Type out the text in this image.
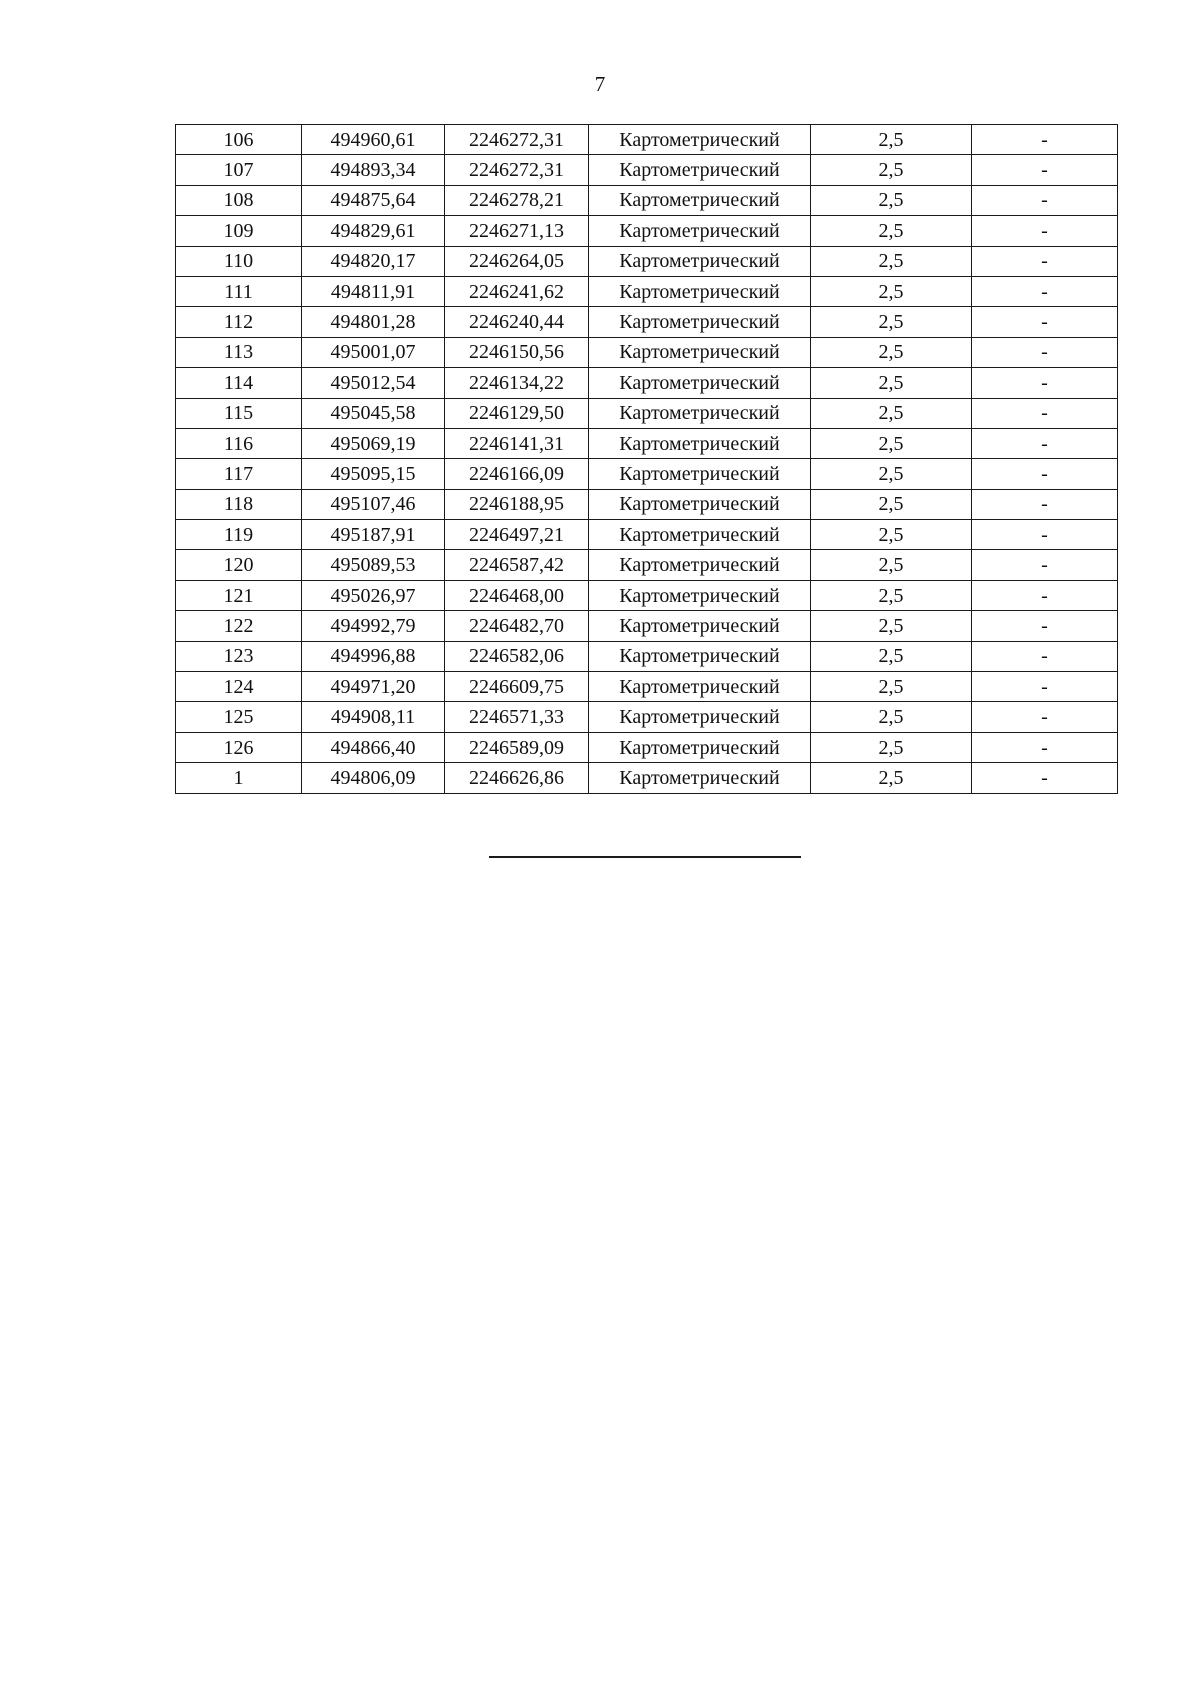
7
106	494960,61	2246272,31	Картометрический	2,5	-
107	494893,34	2246272,31	Картометрический	2,5	-
108	494875,64	2246278,21	Картометрический	2,5	-
109	494829,61	2246271,13	Картометрический	2,5	-
110	494820,17	2246264,05	Картометрический	2,5	-
111	494811,91	2246241,62	Картометрический	2,5	-
112	494801,28	2246240,44	Картометрический	2,5	-
113	495001,07	2246150,56	Картометрический	2,5	-
114	495012,54	2246134,22	Картометрический	2,5	-
115	495045,58	2246129,50	Картометрический	2,5	-
116	495069,19	2246141,31	Картометрический	2,5	-
117	495095,15	2246166,09	Картометрический	2,5	-
118	495107,46	2246188,95	Картометрический	2,5	-
119	495187,91	2246497,21	Картометрический	2,5	-
120	495089,53	2246587,42	Картометрический	2,5	-
121	495026,97	2246468,00	Картометрический	2,5	-
122	494992,79	2246482,70	Картометрический	2,5	-
123	494996,88	2246582,06	Картометрический	2,5	-
124	494971,20	2246609,75	Картометрический	2,5	-
125	494908,11	2246571,33	Картометрический	2,5	-
126	494866,40	2246589,09	Картометрический	2,5	-
1	494806,09	2246626,86	Картометрический	2,5	-
